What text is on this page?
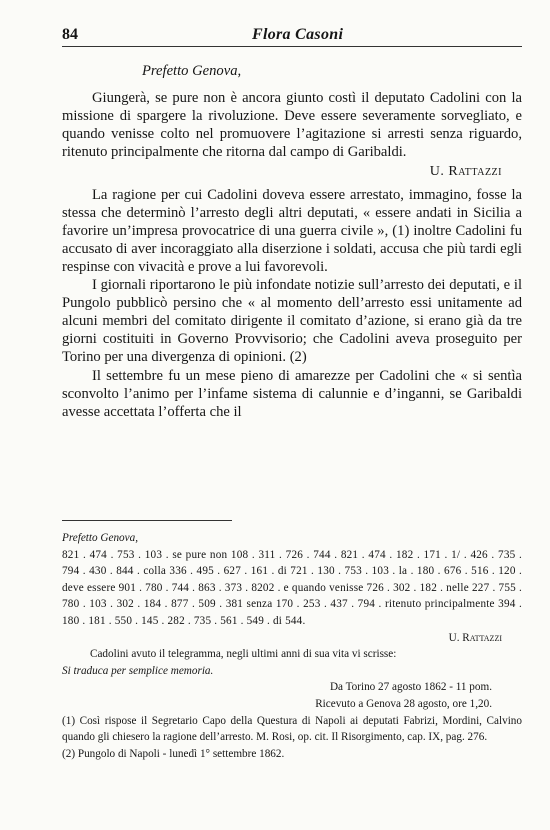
84	Flora Casoni

Prefetto Genova,

Giungerà, se pure non è ancora giunto costì il deputato Cadolini con la missione di spargere la rivoluzione. Deve essere severamente sorvegliato, e quando venisse colto nel promuovere l’agitazione si arresti senza riguardo, ritenuto principalmente che ritorna dal campo di Garibaldi.

U. Rattazzi

La ragione per cui Cadolini doveva essere arrestato, immagino, fosse la stessa che determinò l’arresto degli altri deputati, « essere andati in Sicilia a favorire un’impresa provocatrice di una guerra civile », (1) inoltre Cadolini fu accusato di aver incoraggiato alla diserzione i soldati, accusa che più tardi egli respinse con vivacità e prove a lui favorevoli.

I giornali riportarono le più infondate notizie sull’arresto dei deputati, e il Pungolo pubblicò persino che « al momento dell’arresto essi unitamente ad alcuni membri del comitato dirigente il comitato d’azione, si erano già da tre giorni costituiti in Governo Provvisorio; che Cadolini aveva proseguito per Torino per una divergenza di opinioni. (2)

Il settembre fu un mese pieno di amarezze per Cadolini che « si sentìa sconvolto l’animo per l’infame sistema di calunnie e d’inganni, se Garibaldi avesse accettata l’offerta che il

Prefetto Genova,

821 . 474 . 753 . 103 . se pure non 108 . 311 . 726 . 744 . 821 . 474 . 182 . 171 . 1/ . 426 . 735 . 794 . 430 . 844 . colla 336 . 495 . 627 . 161 . di 721 . 130 . 753 . 103 . la . 180 . 676 . 516 . 120 . deve essere 901 . 780 . 744 . 863 . 373 . 8202 . e quando venisse 726 . 302 . 182 . nelle 227 . 755 . 780 . 103 . 302 . 184 . 877 . 509 . 381 senza 170 . 253 . 437 . 794 . ritenuto principalmente 394 . 180 . 181 . 550 . 145 . 282 . 735 . 561 . 549 . di 544.

U. Rattazzi

Cadolini avuto il telegramma, negli ultimi anni di sua vita vi scrisse:

Si traduca per semplice memoria.

Da Torino 27 agosto 1862 - 11 pom.

Ricevuto a Genova 28 agosto, ore 1,20.

(1) Così rispose il Segretario Capo della Questura di Napoli ai deputati Fabrizi, Mordini, Calvino quando gli chiesero la ragione dell’arresto. M. Rosi, op. cit. Il Risorgimento, cap. IX, pag. 276.

(2) Pungolo di Napoli - lunedì 1° settembre 1862.
